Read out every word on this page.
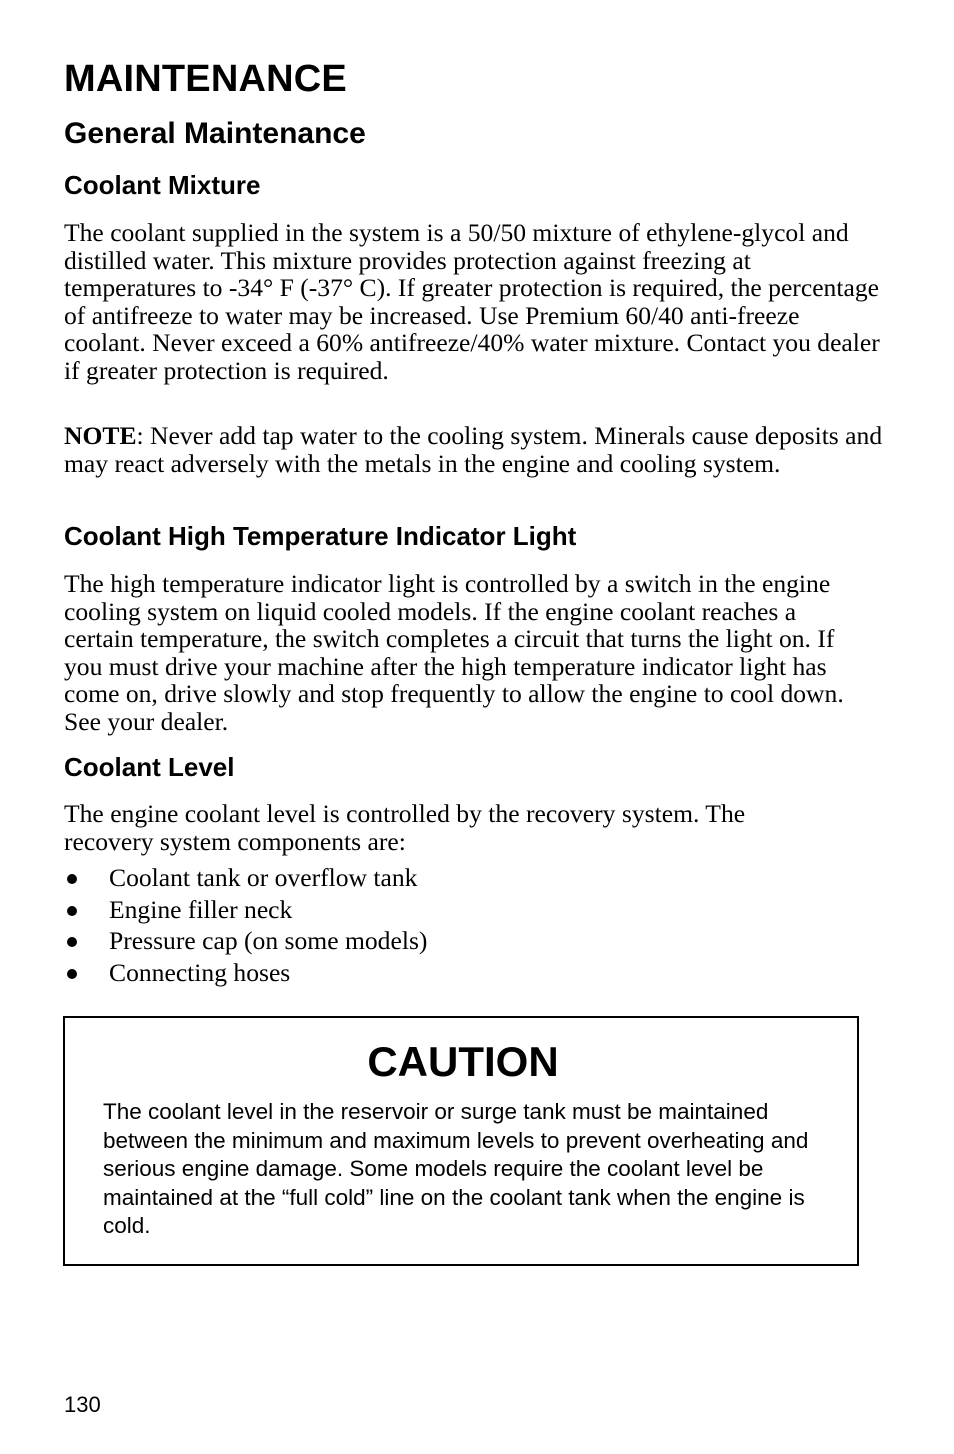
MAINTENANCE
General Maintenance
Coolant Mixture

The coolant supplied in the system is a 50/50 mixture of ethylene-glycol and distilled water. This mixture provides protection against freezing at temperatures to -34° F (-37° C). If greater protection is required, the percentage of antifreeze to water may be increased. Use Premium 60/40 anti-freeze coolant. Never exceed a 60% antifreeze/40% water mixture. Contact you dealer if greater protection is required.

NOTE: Never add tap water to the cooling system. Minerals cause deposits and may react adversely with the metals in the engine and cooling system.

Coolant High Temperature Indicator Light

The high temperature indicator light is controlled by a switch in the engine cooling system on liquid cooled models. If the engine coolant reaches a certain temperature, the switch completes a circuit that turns the light on. If you must drive your machine after the high temperature indicator light has come on, drive slowly and stop frequently to allow the engine to cool down. See your dealer.

Coolant Level

The engine coolant level is controlled by the recovery system. The recovery system components are:

Coolant tank or overflow tank
Engine filler neck
Pressure cap (on some models)
Connecting hoses
CAUTION

The coolant level in the reservoir or surge tank must be maintained between the minimum and maximum levels to prevent overheating and serious engine damage. Some models require the coolant level be maintained at the “full cold” line on the coolant tank when the engine is cold.

130
